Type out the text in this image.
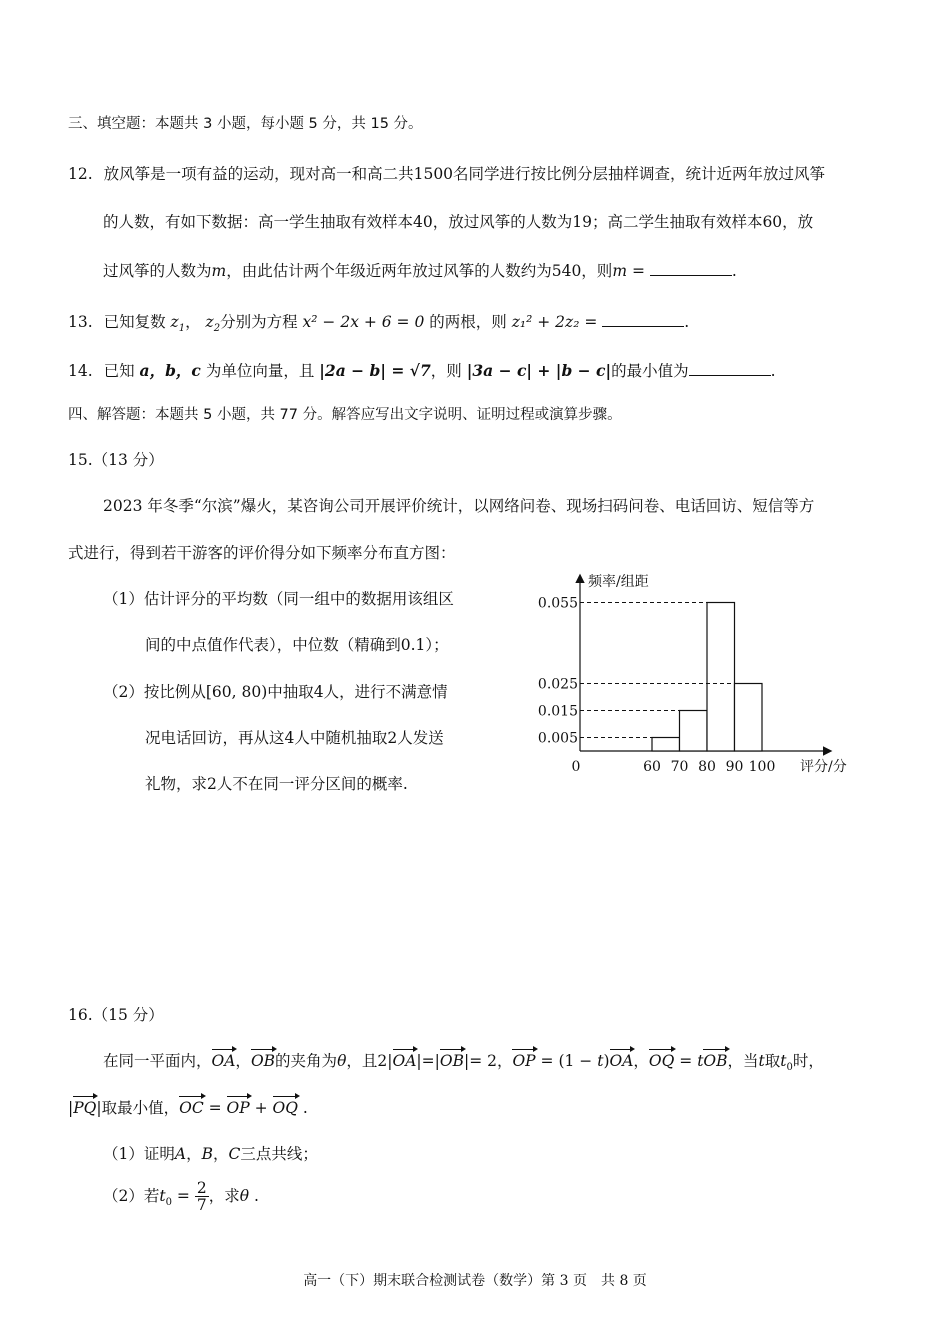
三、填空题：本题共 3 小题，每小题 5 分，共 15 分。
12. 放风筝是一项有益的运动，现对高一和高二共1500名同学进行按比例分层抽样调查，统计近两年放过风筝
的人数，有如下数据：高一学生抽取有效样本40，放过风筝的人数为19；高二学生抽取有效样本60，放
过风筝的人数为m，由此估计两个年级近两年放过风筝的人数约为540，则m =	.
13. 已知复数 $z_1$， $z_2$分别为方程 x² − 2x + 6 = 0 的两根，则 z₁² + 2z₂ =	.
14. 已知 a，b，c 为单位向量，且 |2a − b| = √7，则 |3a − c| + |b − c|的最小值为	.
四、解答题：本题共 5 小题，共 77 分。解答应写出文字说明、证明过程或演算步骤。
15.（13 分）
2023 年冬季“尔滨”爆火，某咨询公司开展评价统计，以网络问卷、现场扫码问卷、电话回访、短信等方
式进行，得到若干游客的评价得分如下频率分布直方图：
（1）估计评分的平均数（同一组中的数据用该组区
间的中点值作代表），中位数（精确到0.1）；
（2）按比例从[60, 80)中抽取4人，进行不满意情
况电话回访，再从这4人中随机抽取2人发送
礼物，求2人不在同一评分区间的概率.
频率/组距
评分/分
0
0.055
0.025
0.015
0.005
60 70 80 90 100
16.（15 分）
在同一平面内，OA，OB的夹角为θ，且2|OA|=|OB|= 2，OP = (1 − t)OA，OQ = tOB，当t取$t_0$时，
|PQ|取最小值，OC = OP + OQ .
（1）证明A，B，C三点共线；
（2）若$t_0 = \frac{2}{7}$ ，求θ .
高一（下）期末联合检测试卷（数学）第 3 页　共 8 页
